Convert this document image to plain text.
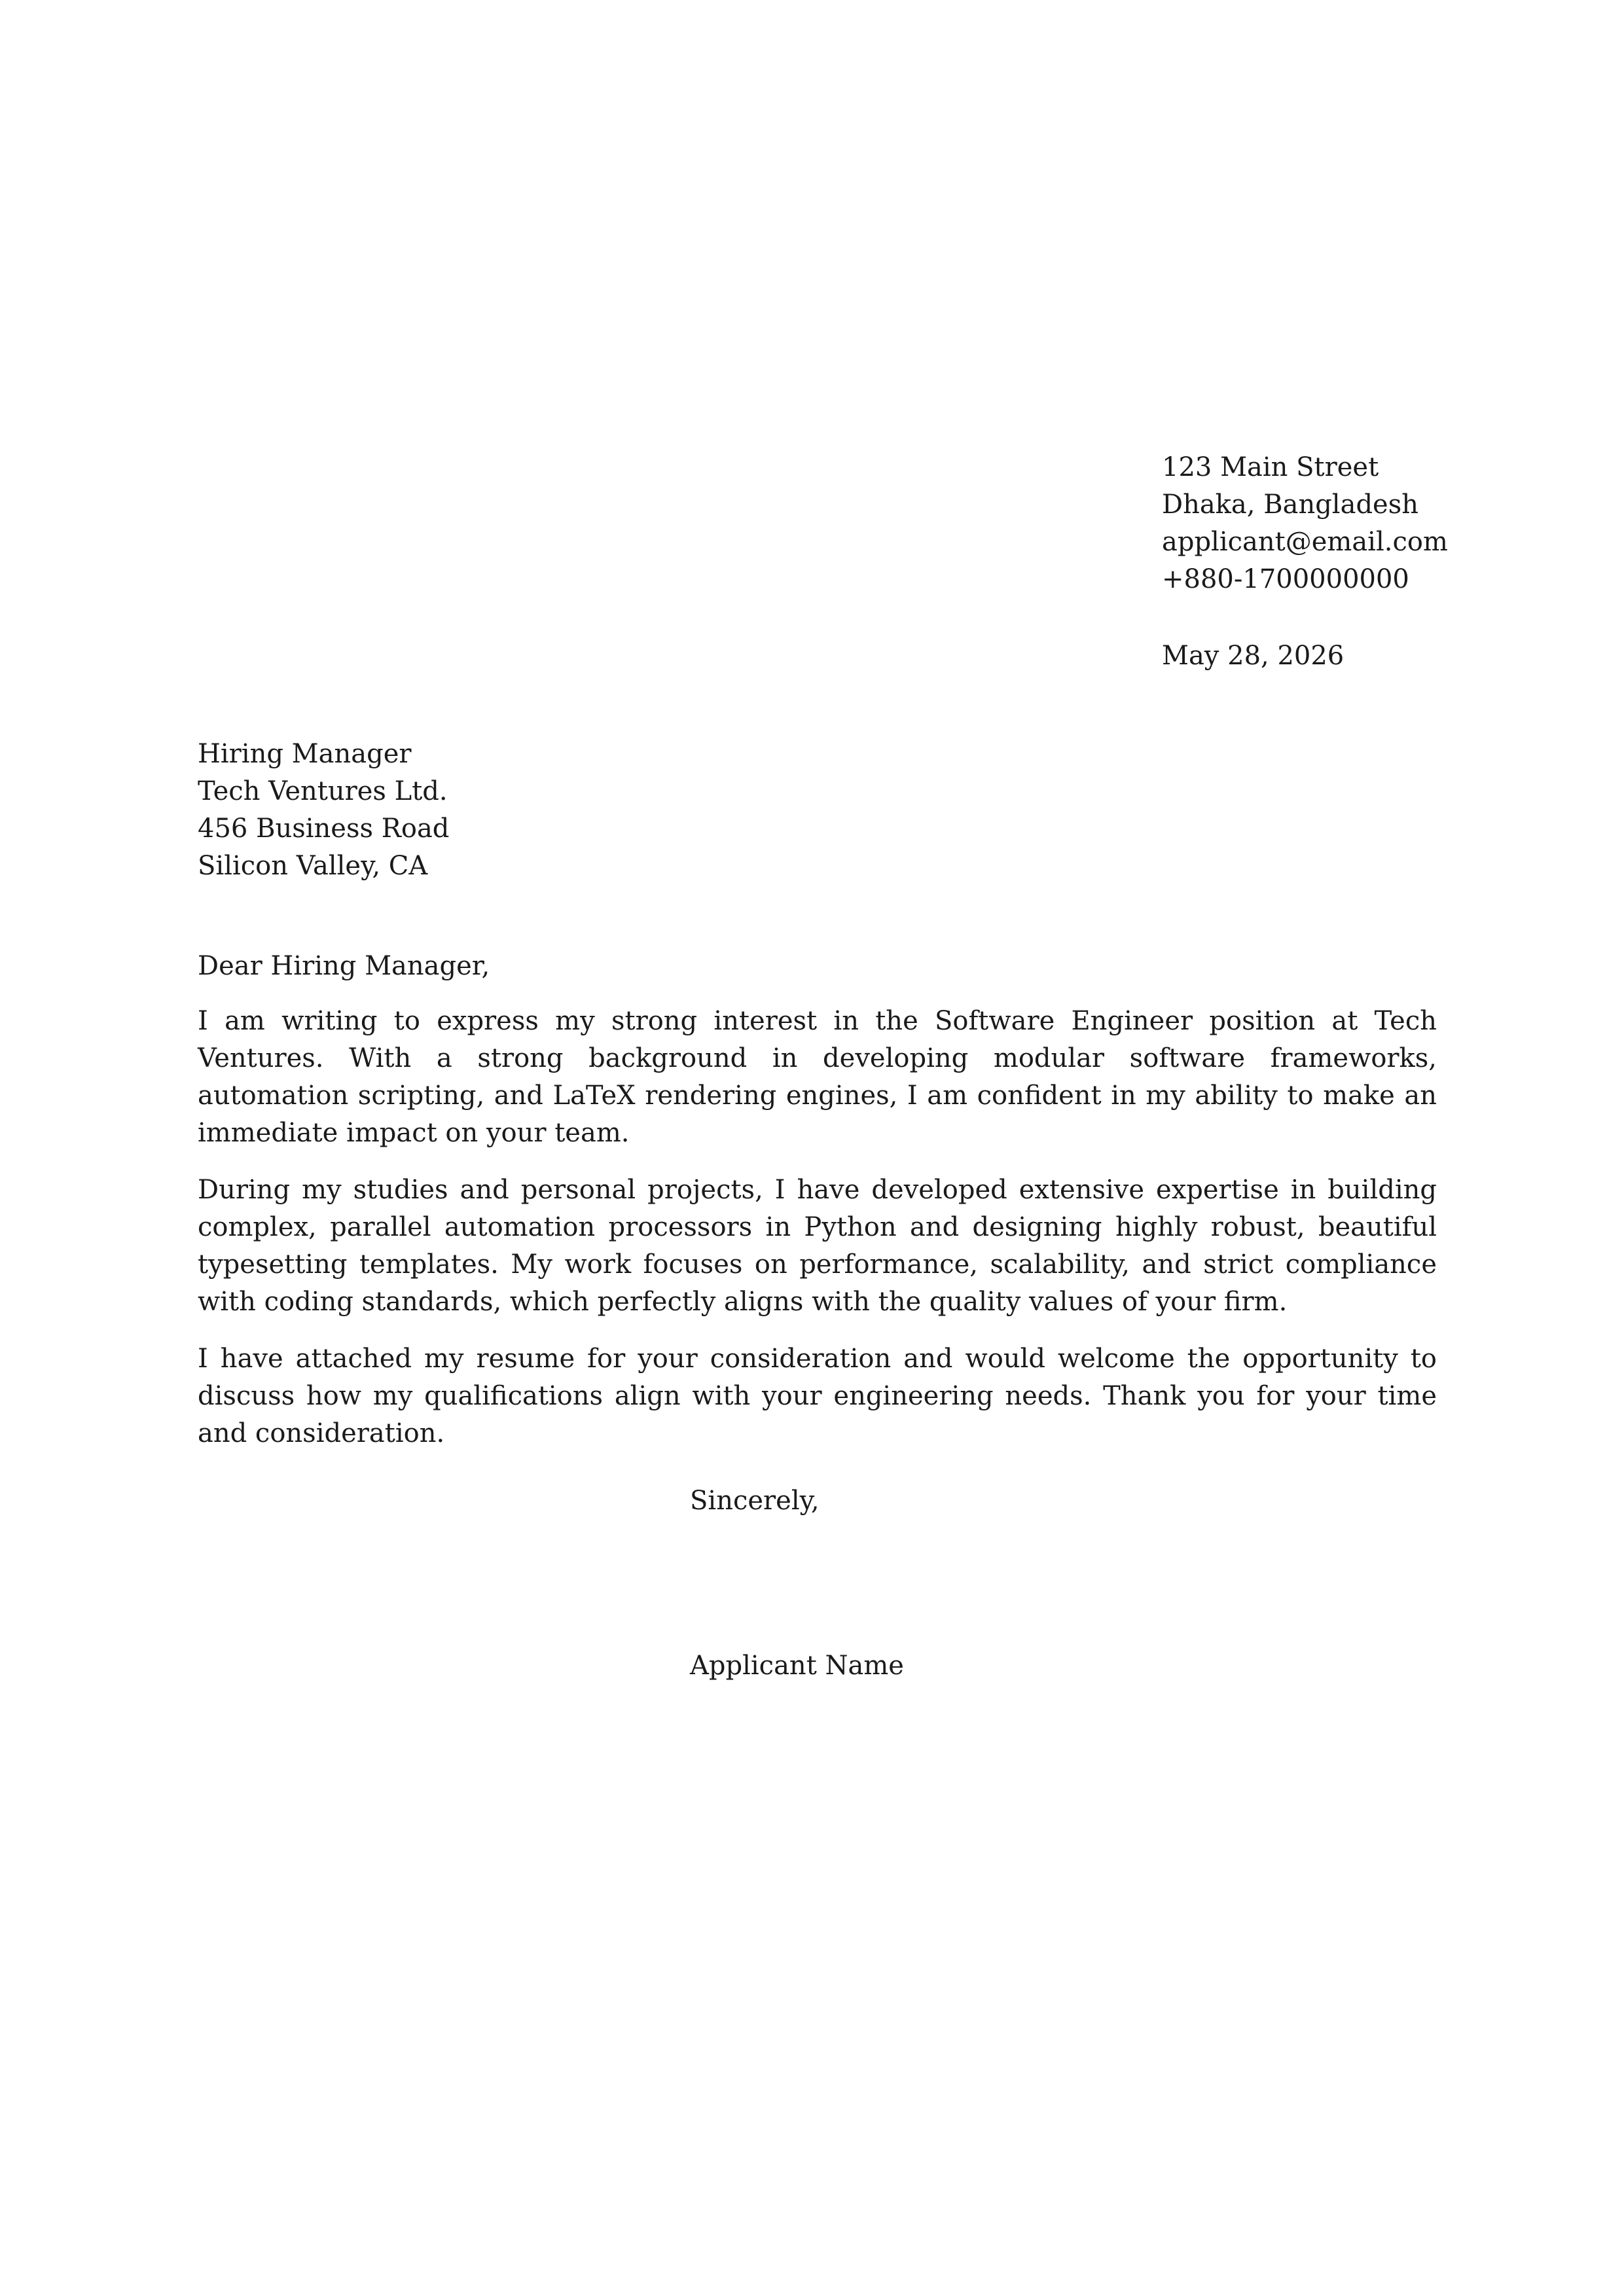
123 Main Street
Dhaka, Bangladesh
applicant@email.com
+880-1700000000
May 28, 2026
Hiring Manager
Tech Ventures Ltd.
456 Business Road
Silicon Valley, CA
Dear Hiring Manager,

I am writing to express my strong interest in the Software Engineer position at Tech Ventures. With a strong background in developing modular software frameworks, automation scripting, and LaTeX rendering engines, I am confident in my ability to make an immediate impact on your team.

During my studies and personal projects, I have developed extensive expertise in building complex, parallel automation processors in Python and designing highly robust, beautiful typesetting templates. My work focuses on performance, scalability, and strict compliance with coding standards, which perfectly aligns with the quality values of your firm.

I have attached my resume for your consideration and would welcome the opportunity to discuss how my qualifications align with your engineering needs. Thank you for your time and consideration.

Sincerely,
Applicant Name
